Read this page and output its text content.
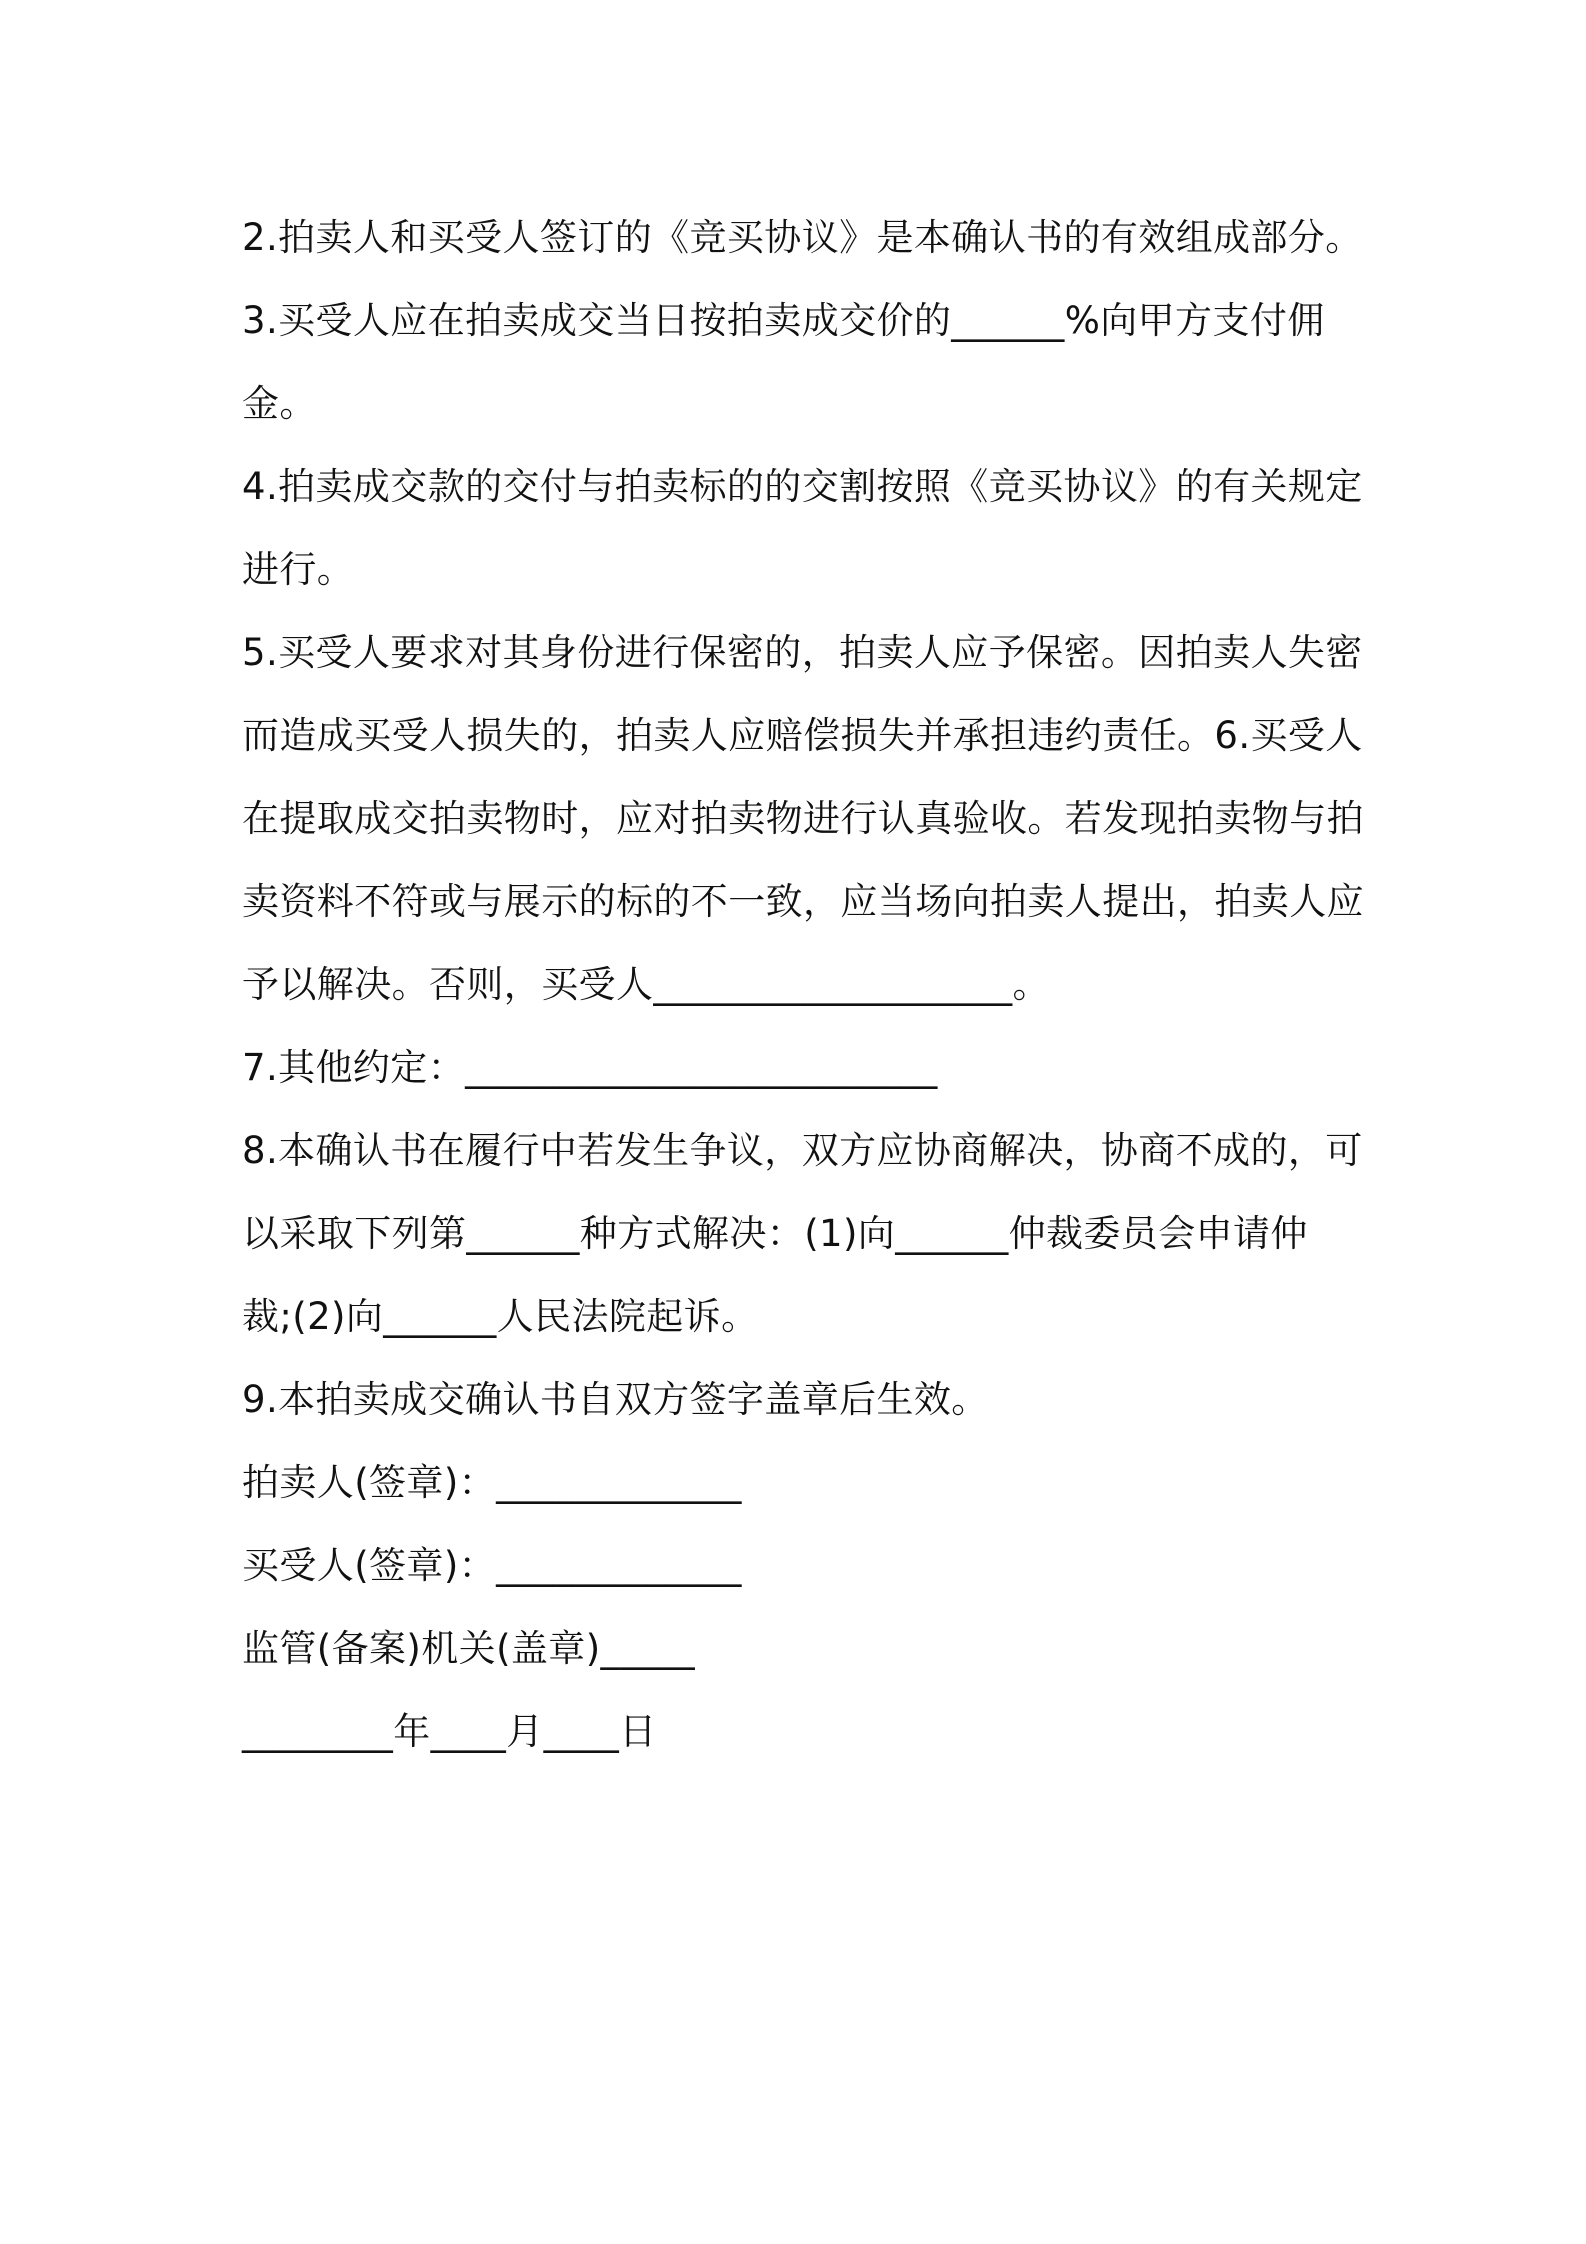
2.拍卖人和买受人签订的《竞买协议》是本确认书的有效组成部分。
3.买受人应在拍卖成交当日按拍卖成交价的______%向甲方支付佣
金。
4.拍卖成交款的交付与拍卖标的的交割按照《竞买协议》的有关规定
进行。
5.买受人要求对其身份进行保密的，拍卖人应予保密。因拍卖人失密
而造成买受人损失的，拍卖人应赔偿损失并承担违约责任。6.买受人
在提取成交拍卖物时，应对拍卖物进行认真验收。若发现拍卖物与拍
卖资料不符或与展示的标的不一致，应当场向拍卖人提出，拍卖人应
予以解决。否则，买受人___________________。
7.其他约定：_________________________
8.本确认书在履行中若发生争议，双方应协商解决，协商不成的，可
以采取下列第______种方式解决：(1)向______仲裁委员会申请仲
裁;(2)向______人民法院起诉。
9.本拍卖成交确认书自双方签字盖章后生效。
拍卖人(签章)：_____________
买受人(签章)：_____________
监管(备案)机关(盖章)_____
________年____月____日
